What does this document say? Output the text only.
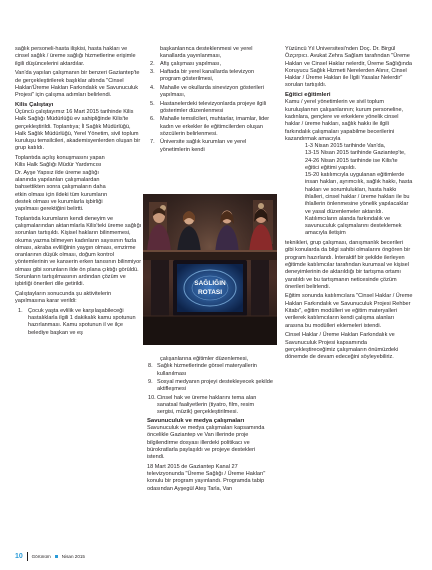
sağlık personeli-hasta ilişkisi, hasta hakları ve cinsel sağlık / üreme sağlığı hizmetlerine erişimle ilgili düşüncelerini aktardılar.

Van'da yapılan çalışmanın bir benzeri Gaziantep'te de gerçekleştirilerek başlıklar altında "Cinsel Haklar/Üreme Hakları Farkındalık ve Savunuculuk Projesi" için çalışma adımları belirlendi.

Kilis Çalıştayı

Üçüncü çalıştayımız 16 Mart 2015 tarihinde Kilis Halk Sağlığı Müdürlüğü ev sahipliğinde Kilis'te gerçekleştirildi. Toplantıya; İl Sağlık Müdürlüğü, Halk Sağlık Müdürlüğü, Yerel Yönetim, sivil toplum kuruluşu temsilcileri, akademisyenlerden oluşan bir grup katıldı.

Toplantıda açılış konuşmasını yapan Kilis Halk Sağlığı Müdür Yardımcısı Dr. Ayşe Yapsız ilde üreme sağlığı alanında yapılanları çalışmalardan bahsettikten sonra çalışmaların daha etkin olması için ildeki tüm kurumların destek olması ve kurumlarla işbirliği yapılması gerektiğini belirtti.

Toplantıda kurumların kendi deneyim ve çalışmalarından aktarımlarla Kilis'teki üreme sağlığı sorunları tartışıldı. Kişisel hakların bilinmemesi, okuma yazma bilmeyen kadınların sayısının fazla olması, akraba evliliğinin yaygın olması, emzirme oranlarının düşük olması, doğum kontrol yöntemlerinin ve kanserin erken tanısının bilinmiyor olması gibi sorunların ilde ön plana çıktığı görüldü. Sorunların tartışılmasının ardından çözüm ve işbirliği önerileri dile getirildi.

Çalıştayların sonucunda şu aktivitelerin yapılmasına karar verildi:

1. Çocuk yaşta evlilik ve karşılaşabileceği hastalıklarla ilgili 1 dakikalık kamu spotunun hazırlanması. Kamu spotunun il ve ilçe belediye başkan ve eş

başkanlarınca desteklenmesi ve yerel kanallarda yayınlanması,

2. Afiş çalışması yapılması,
3. Haftada bir yerel kanallarda televizyon program gösterilmesi,
4. Mahalle ve okullarda sinevizyon gösterileri yapılması,
5. Hastanelerdeki televizyonlarda projeye ilgili gösterimler düzenlenmesi
6. Mahalle temsilcileri, muhtarlar, imamlar, lider kadın ve erkekler ile eğitimcilerden oluşan sözcülerin belirlenmesi.
7. Üniversite sağlık kurumları ve yerel yönetimlerin kendi
SAĞLIĞIN
ROTASI

çalışanlarına eğitimler düzenlemesi,

8. Sağlık hizmetlerinde görsel materyallerin kullanılması
9. Sosyal medyanın projeyi destekleyecek şekilde aktifleşmesi
10. Cinsel hak ve üreme haklarını tema alan sanatsal faaliyetlerin (tiyatro, film, resim sergisi, müzik) gerçekleştirilmesi.
Savunuculuk ve medya çalışmaları

Savunuculuk ve medya çalışmaları kapsamında öncelikle Gaziantep ve Van illerinde proje bilgilendirme dosyası illerdeki politikacı ve bürokratlarla paylaşıldı ve projeye destekleri istendi.

18 Mart 2015 de Gaziantep Kanal 27 televizyonunda "Üreme Sağlığı / Üreme Hakları" konulu bir program yayınlandı. Programda tabip odasından Ayşegül Ateş Tarla, Van

Yüzüncü Yıl Üniversitesi'nden Doç. Dr. Birgül Özçırpıcı. Avukat Zehra Sağlam tarafından "Üreme Hakları ve Cinsel Haklar nelerdir, Üreme Sağlığında Koruyucu Sağlık Hizmeti Nerelerden Alınır, Cinsel Haklar / Üreme Hakları ile İlgili Yasalar Nelerdir" soruları tartışıldı.

Eğitici eğitimleri

Kamu / yerel yönetimlerin ve sivil toplum kuruluşlarının çalışanlarının; kurum personeline, kadınlara, gençlere ve erkeklere yönelik cinsel haklar / üreme hakları, sağlık hakkı ile ilgili farkındalık çalışmaları yapabilme becerilerini kazandırmak amacıyla

1-3 Nisan 2015 tarihinde Van'da,

13-15 Nisan 2015 tarihinde Gaziantep'te, 24-26 Nisan 2015 tarihinde ise Kilis'te eğitici eğitimi yapıldı.

15-20 katılımcıyla uygulanan eğitimlerde insan hakları, ayrımcılık, sağlık hakkı, hasta hakları ve sorumlulukları, hasta hakkı ihlalleri, cinsel haklar / üreme hakları ile bu ihlallerin önlenmesine yönelik yapılacaklar ve yasal düzenlemeler aktarıldı. Katılımcıların alanda farkındalık ve savunuculuk çalışmalarını desteklemek amacıyla iletişim

teknikleri, grup çalışması, danışmanlık becerileri gibi konularda da bilgi sahibi olmalarını öngören bir program hazırlandı. İnteraktif bir şekilde ilerleyen eğitimde katılımcılar tarafından kurumsal ve kişisel deneyimlerinin de aktarıldığı bir tartışma ortamı yaratıldı ve bu tartışmanın neticesinde çözüm önerileri belirlendi.

Eğitim sonunda katılımcılara "Cinsel Haklar / Üreme Hakları Farkındalık ve Savunuculuk Projesi Rehber Kitabı", eğitim modülleri ve eğitim materyalleri verilerek katılımcıların kendi çalışma alanları arasına bu modülleri eklemeleri istendi.

Cinsel Haklar / Üreme Hakları Farkındalık ve Savunuculuk Projesi kapsamında gerçekleştireceğimiz çalışmaların önümüzdeki dönemde de devam edeceğini söyleyebiliriz.

10 Görünüm Nisan 2015
